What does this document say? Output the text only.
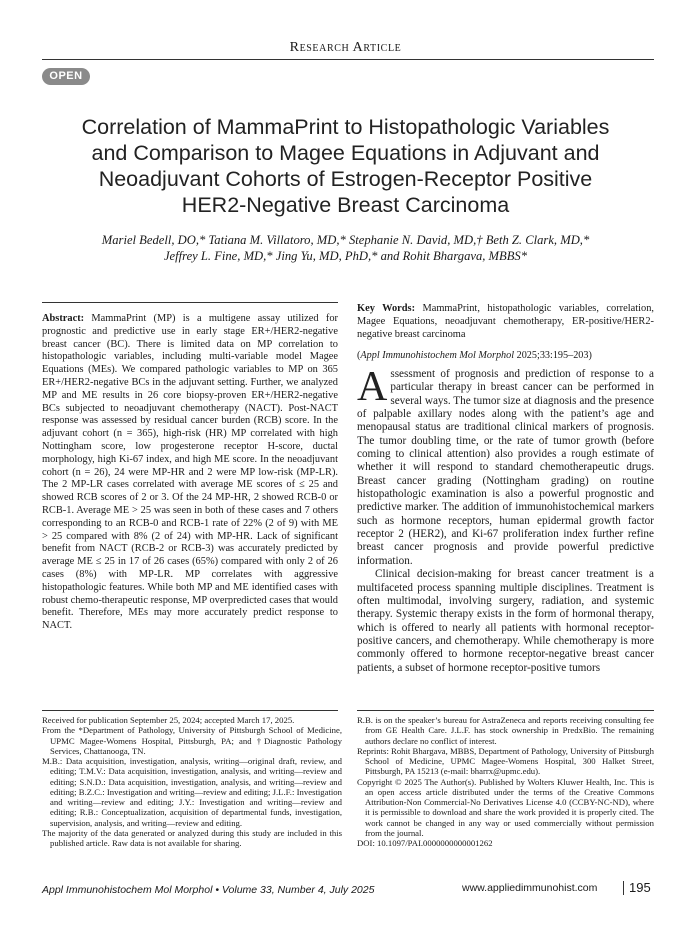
Research Article
OPEN
Correlation of MammaPrint to Histopathologic Variables
and Comparison to Magee Equations in Adjuvant and
Neoadjuvant Cohorts of Estrogen-Receptor Positive
HER2-Negative Breast Carcinoma
Mariel Bedell, DO,* Tatiana M. Villatoro, MD,* Stephanie N. David, MD,† Beth Z. Clark, MD,*
Jeffrey L. Fine, MD,* Jing Yu, MD, PhD,* and Rohit Bhargava, MBBS*
Abstract: MammaPrint (MP) is a multigene assay utilized for prognostic and predictive use in early stage ER+/HER2-negative breast cancer (BC). There is limited data on MP correlation to histopathologic variables, including multi-variable model Magee Equations (MEs). We compared pathologic variables to MP on 365 ER+/HER2-negative BCs in the adjuvant setting. Further, we analyzed MP and ME results in 26 core biopsy-proven ER+/HER2-negative BCs subjected to neoadjuvant chemotherapy (NACT). Post-NACT response was assessed by residual cancer burden (RCB) score. In the adjuvant cohort (n = 365), high-risk (HR) MP correlated with high Nottingham score, low progesterone receptor H-score, ductal morphology, high Ki-67 index, and high ME score. In the neoadjuvant cohort (n = 26), 24 were MP-HR and 2 were MP low-risk (MP-LR). The 2 MP-LR cases correlated with average ME scores of ≤ 25 and showed RCB scores of 2 or 3. Of the 24 MP-HR, 2 showed RCB-0 or RCB-1. Average ME > 25 was seen in both of these cases and 7 others corresponding to an RCB-0 and RCB-1 rate of 22% (2 of 9) with ME > 25 compared with 8% (2 of 24) with MP-HR. Lack of significant benefit from NACT (RCB-2 or RCB-3) was accurately predicted by average ME ≤ 25 in 17 of 26 cases (65%) compared with only 2 of 26 cases (8%) with MP-LR. MP correlates with aggressive histopathologic features. While both MP and ME identified cases with robust chemo-therapeutic response, MP overpredicted cases that would benefit. Therefore, MEs may more accurately predict response to NACT.
Key Words: MammaPrint, histopathologic variables, correlation, Magee Equations, neoadjuvant chemotherapy, ER-positive/HER2-negative breast carcinoma
(Appl Immunohistochem Mol Morphol 2025;33:195–203)
Assessment of prognosis and prediction of response to a particular therapy in breast cancer can be performed in several ways. The tumor size at diagnosis and the presence of palpable axillary nodes along with the patient’s age and menopausal status are traditional clinical markers of prognosis. The tumor doubling time, or the rate of tumor growth (before coming to clinical attention) also provides a rough estimate of whether it will respond to standard chemotherapeutic drugs. Breast cancer grading (Nottingham grading) on routine histopathologic examination is also a powerful prognostic and predictive marker. The addition of immunohistochemical markers such as hormone receptors, human epidermal growth factor receptor 2 (HER2), and Ki-67 proliferation index further refine breast cancer prognosis and provide powerful predictive information.
Clinical decision-making for breast cancer treatment is a multifaceted process spanning multiple disciplines. Treatment is often multimodal, involving surgery, radiation, and systemic therapy. Systemic therapy exists in the form of hormonal therapy, which is offered to nearly all patients with hormonal receptor-positive cancers, and chemotherapy. While chemotherapy is more commonly offered to hormone receptor-negative breast cancer patients, a subset of hormone receptor-positive tumors

Received for publication September 25, 2024; accepted March 17, 2025.

From the *Department of Pathology, University of Pittsburgh School of Medicine, UPMC Magee-Womens Hospital, Pittsburgh, PA; and †Diagnostic Pathology Services, Chattanooga, TN.

M.B.: Data acquisition, investigation, analysis, writing—original draft, review, and editing; T.M.V.: Data acquisition, investigation, analysis, and writing—review and editing; S.N.D.: Data acquisition, investigation, analysis, and writing—review and editing; B.Z.C.: Investigation and writing—review and editing; J.L.F.: Investigation and writing—review and editing; J.Y.: Investigation and writing—review and editing; R.B.: Conceptualization, acquisition of departmental funds, investigation, supervision, analysis, and writing—review and editing.

The majority of the data generated or analyzed during this study are included in this published article. Raw data is not available for sharing.

R.B. is on the speaker’s bureau for AstraZeneca and reports receiving consulting fee from GE Health Care. J.L.F. has stock ownership in PredxBio. The remaining authors declare no conflict of interest.

Reprints: Rohit Bhargava, MBBS, Department of Pathology, University of Pittsburgh School of Medicine, UPMC Magee-Womens Hospital, 300 Halket Street, Pittsburgh, PA 15213 (e-mail: bharrx@upmc.edu).

Copyright © 2025 The Author(s). Published by Wolters Kluwer Health, Inc. This is an open access article distributed under the terms of the Creative Commons Attribution-Non Commercial-No Derivatives License 4.0 (CCBY-NC-ND), where it is permissible to download and share the work provided it is properly cited. The work cannot be changed in any way or used commercially without permission from the journal.

DOI: 10.1097/PAI.0000000000001262

Appl Immunohistochem Mol Morphol • Volume 33, Number 4, July 2025	www.appliedimmunohist.com 195
